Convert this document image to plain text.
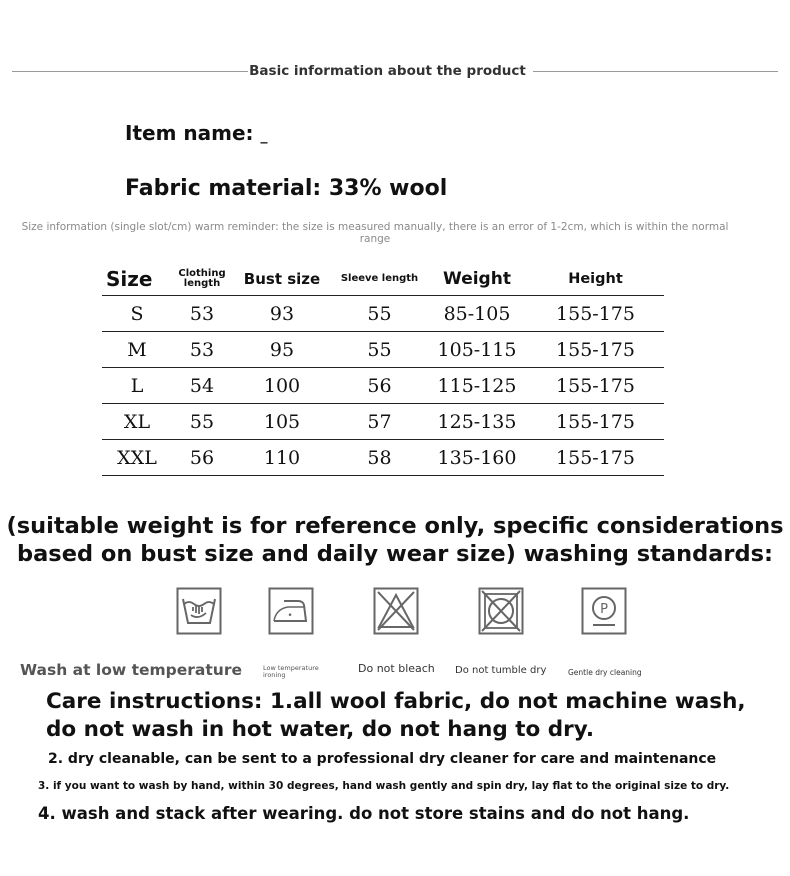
Basic information about the product
Item name: _
Fabric material: 33% wool
Size information (single slot/cm) warm reminder: the size is measured manually, there is an error of 1-2cm, which is within the normal range
Size	Clothing length	Bust size	Sleeve length	Weight	Height
S	53	93	55	85-105	155-175
M	53	95	55	105-115	155-175
L	54	100	56	115-125	155-175
XL	55	105	57	125-135	155-175
XXL	56	110	58	135-160	155-175
(suitable weight is for reference only, specific considerations based on bust size and daily wear size) washing standards:
•	P
Wash at low temperature	Low temperature ironing	Do not bleach Do not tumble dry	Gentle dry cleaning
Care instructions: 1.all wool fabric, do not machine wash, do not wash in hot water, do not hang to dry.
2. dry cleanable, can be sent to a professional dry cleaner for care and maintenance
3. if you want to wash by hand, within 30 degrees, hand wash gently and spin dry, lay flat to the original size to dry.
4. wash and stack after wearing. do not store stains and do not hang.
